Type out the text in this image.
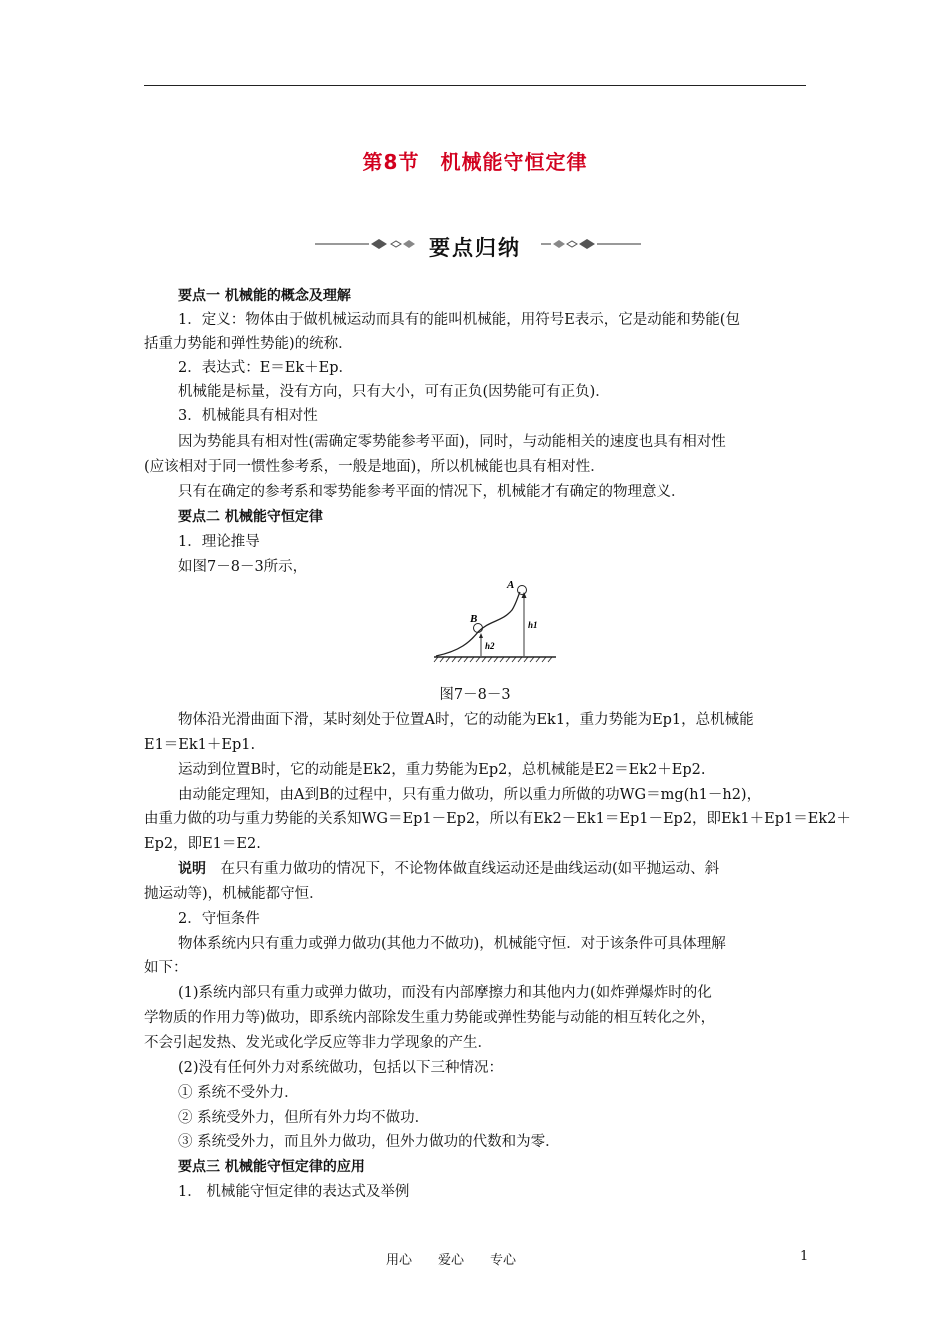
第8节　机械能守恒定律
要点归纳
要点一 机械能的概念及理解
1．定义：物体由于做机械运动而具有的能叫机械能，用符号E表示，它是动能和势能(包
括重力势能和弹性势能)的统称．
2．表达式：E＝Ek＋Ep．
机械能是标量，没有方向，只有大小，可有正负(因势能可有正负)．
3．机械能具有相对性
因为势能具有相对性(需确定零势能参考平面)，同时，与动能相关的速度也具有相对性
(应该相对于同一惯性参考系，一般是地面)，所以机械能也具有相对性．
只有在确定的参考系和零势能参考平面的情况下，机械能才有确定的物理意义．
要点二 机械能守恒定律
1．理论推导
如图7－8－3所示，
A
B	h1
h2
图7－8－3
物体沿光滑曲面下滑，某时刻处于位置A时，它的动能为Ek1，重力势能为Ep1，总机械能
E1＝Ek1＋Ep1.
运动到位置B时，它的动能是Ek2，重力势能为Ep2，总机械能是E2＝Ek2＋Ep2.
由动能定理知，由A到B的过程中，只有重力做功，所以重力所做的功WG＝mg(h1－h2)，
由重力做的功与重力势能的关系知WG＝Ep1－Ep2，所以有Ek2－Ek1＝Ep1－Ep2，即Ek1＋Ep1＝Ek2＋
Ep2，即E1＝E2.
说明　在只有重力做功的情况下，不论物体做直线运动还是曲线运动(如平抛运动、斜
抛运动等)，机械能都守恒．
2．守恒条件
物体系统内只有重力或弹力做功(其他力不做功)，机械能守恒．对于该条件可具体理解
如下：
(1)系统内部只有重力或弹力做功，而没有内部摩擦力和其他内力(如炸弹爆炸时的化
学物质的作用力等)做功，即系统内部除发生重力势能或弹性势能与动能的相互转化之外，
不会引起发热、发光或化学反应等非力学现象的产生．
(2)没有任何外力对系统做功，包括以下三种情况：
① 系统不受外力．
② 系统受外力，但所有外力均不做功．
③ 系统受外力，而且外力做功，但外力做功的代数和为零．
要点三 机械能守恒定律的应用
1． 机械能守恒定律的表达式及举例
用心　　爱心　　专心	1
